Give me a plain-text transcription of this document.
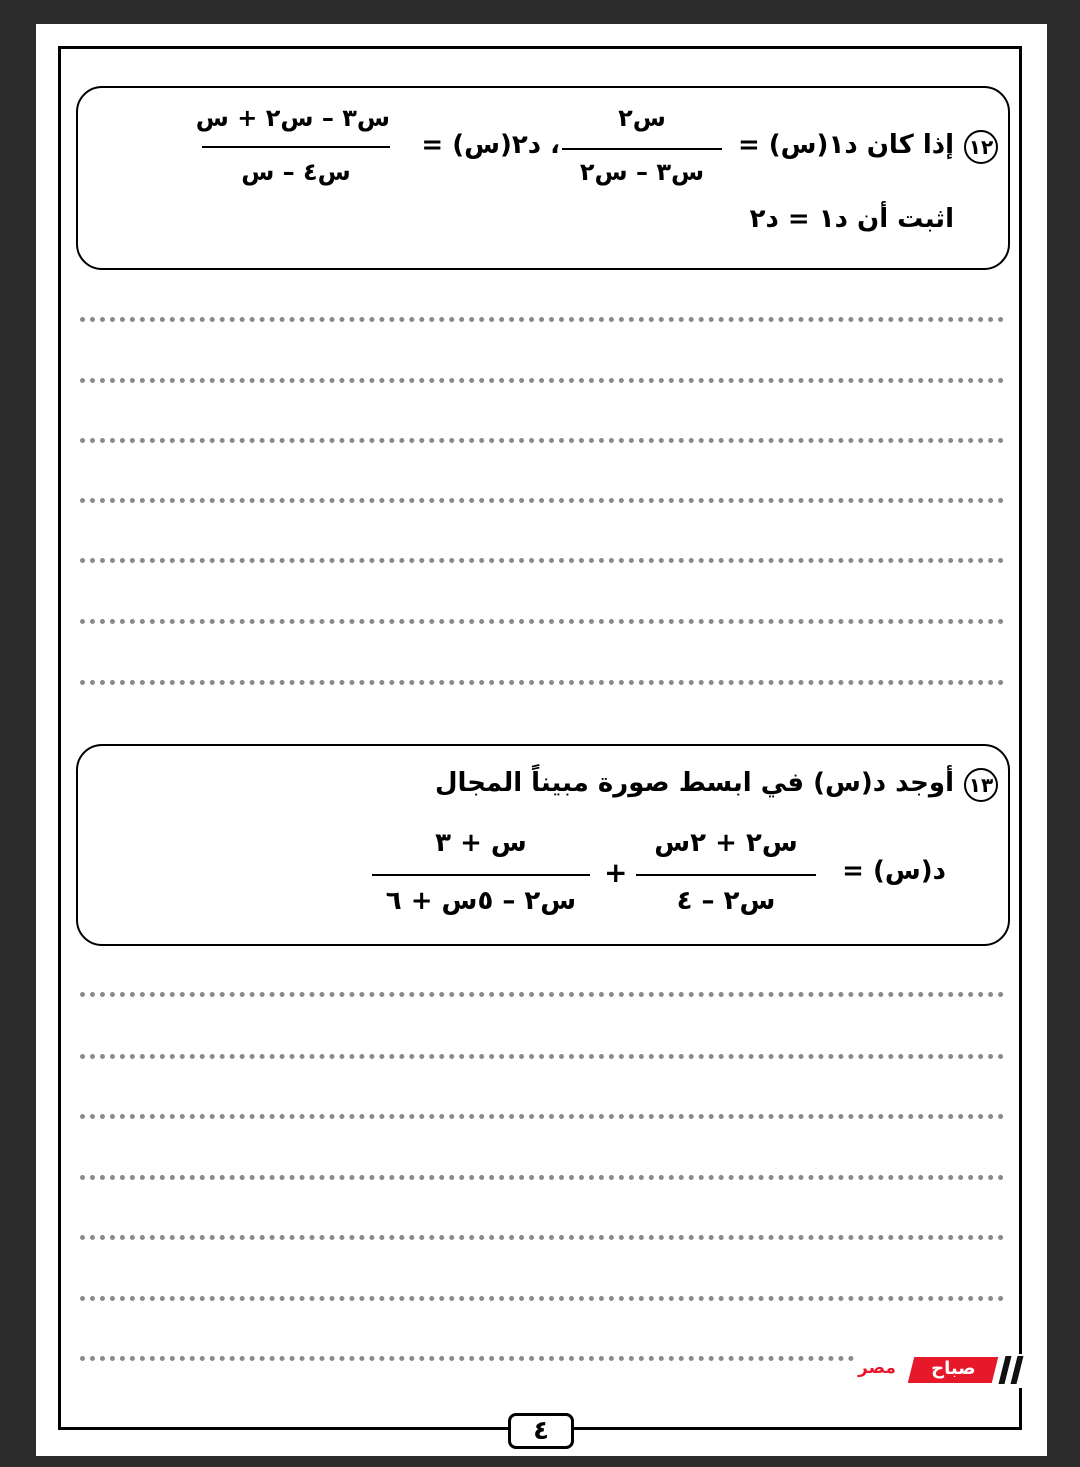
١٢
إذا كان د١(س) =
س٢
س٣ – س٢
، د٢(س) =
س٣ – س٢ + س
س٤ – س
اثبت أن د١ = د٢
١٣
أوجد د(س) في ابسط صورة مبيناً المجال
د(س) =
س٢ + ٢س
س٢ – ٤
+
س + ٣
س٢ – ٥س + ٦
مصر	صباح
٤
